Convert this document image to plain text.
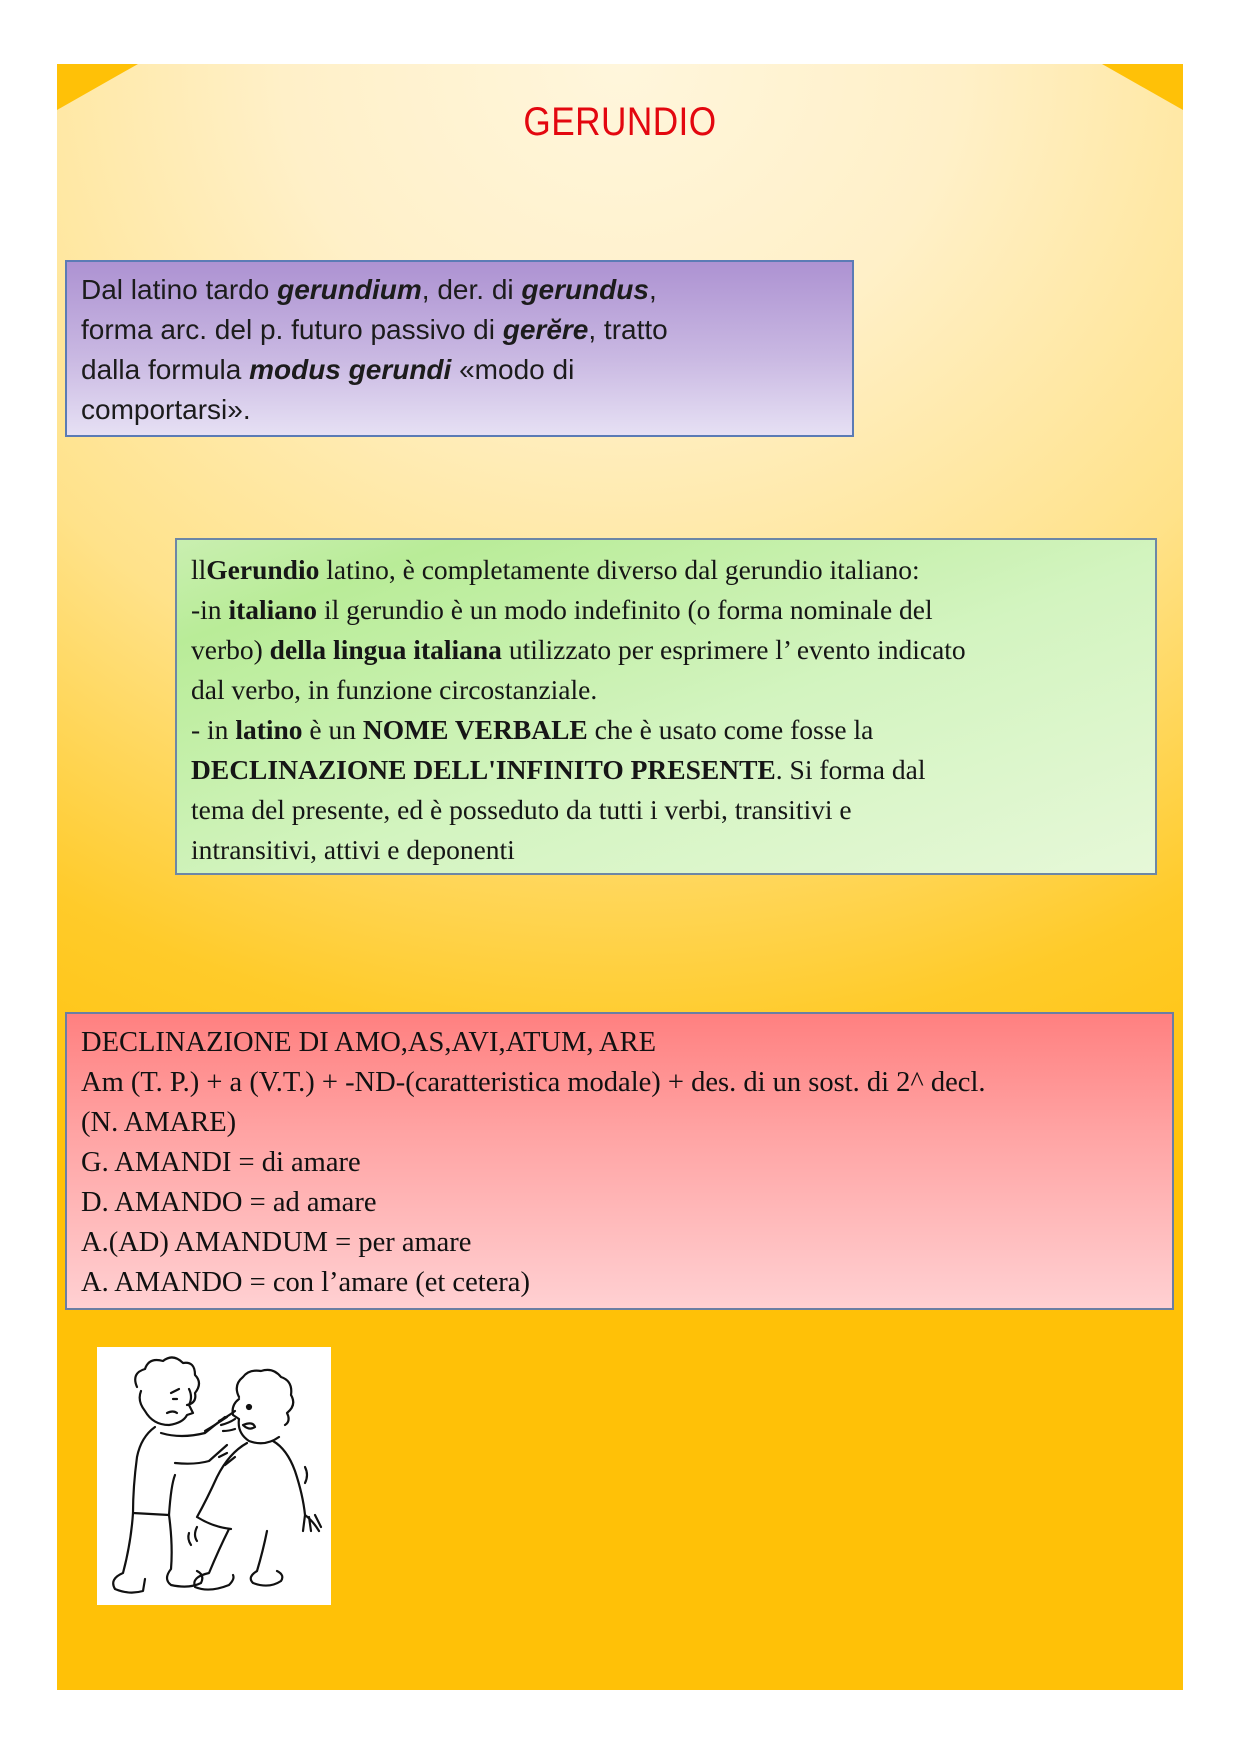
GERUNDIO
Dal latino tardo gerundium, der. di gerundus,
forma arc. del p. futuro passivo di gerĕre, tratto
dalla formula modus gerundi «modo di
comportarsi».
llGerundio latino, è completamente diverso dal gerundio italiano:
-in italiano il gerundio è un modo indefinito (o forma nominale del
verbo) della lingua italiana utilizzato per esprimere l’ evento indicato
dal verbo, in funzione circostanziale.
- in latino è un NOME VERBALE che è usato come fosse la
DECLINAZIONE DELL'INFINITO PRESENTE. Si forma dal
tema del presente, ed è posseduto da tutti i verbi, transitivi e
intransitivi, attivi e deponenti
DECLINAZIONE DI AMO,AS,AVI,ATUM, ARE
Am (T. P.) + a (V.T.) + -ND-(caratteristica modale) + des. di un sost. di 2^ decl.
(N. AMARE)
G. AMANDI = di amare
D. AMANDO = ad amare
A.(AD) AMANDUM = per amare
A. AMANDO = con l’amare (et cetera)
